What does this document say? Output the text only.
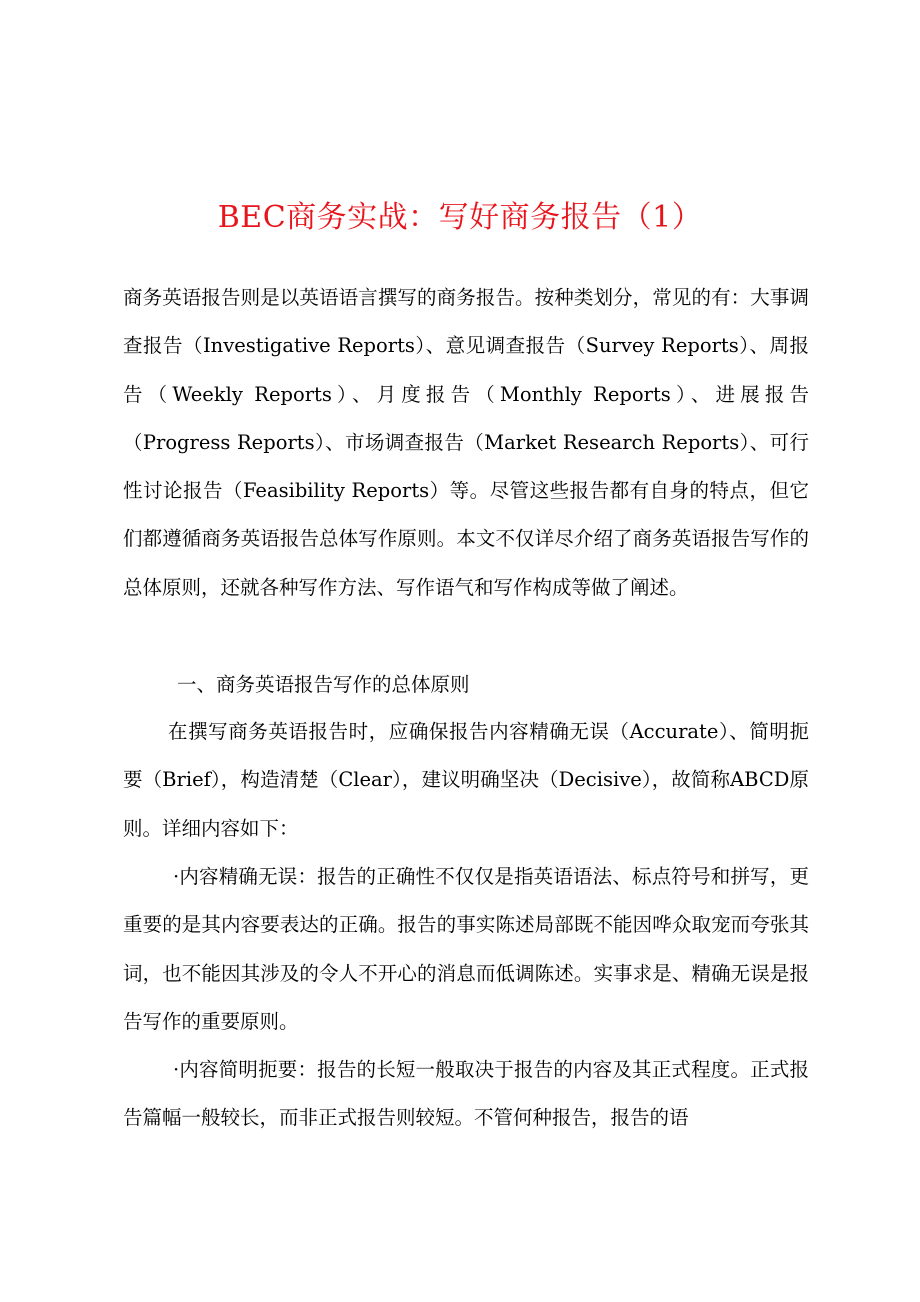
BEC商务实战：写好商务报告（1）

商务英语报告则是以英语语言撰写的商务报告。按种类划分，常见的有：大事调查报告（Investigative Reports）、意见调查报告（Survey Reports）、周报告（Weekly Reports）、月度报告（Monthly Reports）、进展报告（Progress Reports）、市场调查报告（Market Research Reports）、可行性讨论报告（Feasibility Reports）等。尽管这些报告都有自身的特点，但它们都遵循商务英语报告总体写作原则。本文不仅详尽介绍了商务英语报告写作的总体原则，还就各种写作方法、写作语气和写作构成等做了阐述。

一、商务英语报告写作的总体原则

在撰写商务英语报告时，应确保报告内容精确无误（Accurate）、简明扼要（Brief），构造清楚（Clear），建议明确坚决（Decisive），故简称ABCD原则。详细内容如下：

·内容精确无误：报告的正确性不仅仅是指英语语法、标点符号和拼写，更重要的是其内容要表达的正确。报告的事实陈述局部既不能因哗众取宠而夸张其词，也不能因其涉及的令人不开心的消息而低调陈述。实事求是、精确无误是报告写作的重要原则。

·内容简明扼要：报告的长短一般取决于报告的内容及其正式程度。正式报告篇幅一般较长，而非正式报告则较短。不管何种报告，报告的语
